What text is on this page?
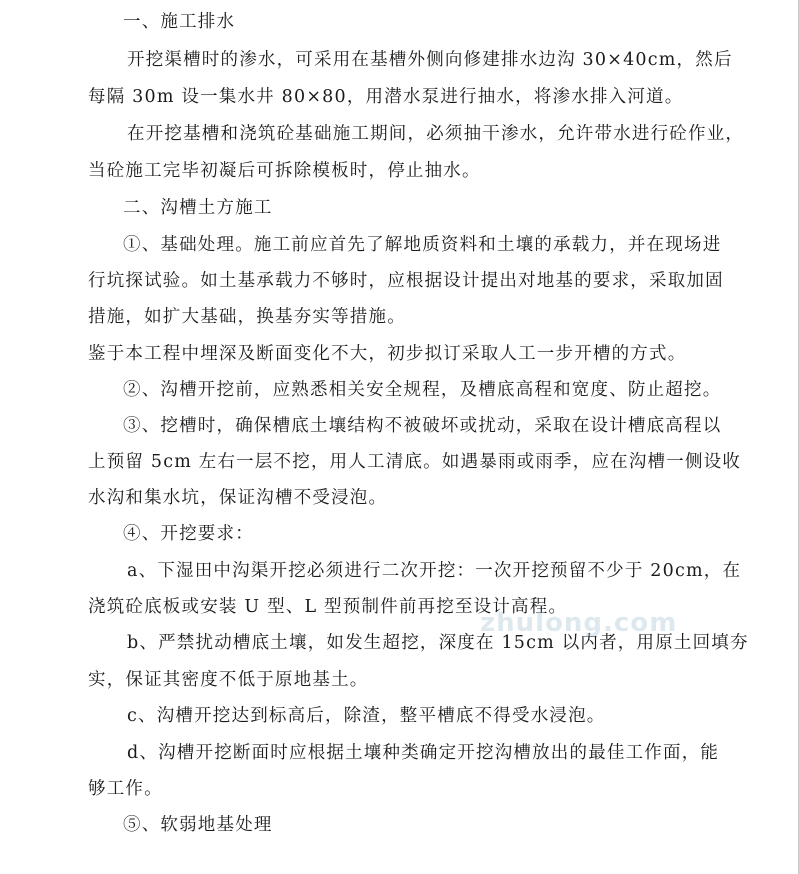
一、施工排水
开挖渠槽时的渗水，可采用在基槽外侧向修建排水边沟 30×40cm，然后
每隔 30m 设一集水井 80×80，用潜水泵进行抽水，将渗水排入河道。
在开挖基槽和浇筑砼基础施工期间，必须抽干渗水，允许带水进行砼作业，
当砼施工完毕初凝后可拆除模板时，停止抽水。
二、沟槽土方施工
①、基础处理。施工前应首先了解地质资料和土壤的承载力，并在现场进
行坑探试验。如土基承载力不够时，应根据设计提出对地基的要求，采取加固
措施，如扩大基础，换基夯实等措施。
鉴于本工程中埋深及断面变化不大，初步拟订采取人工一步开槽的方式。
②、沟槽开挖前，应熟悉相关安全规程，及槽底高程和宽度、防止超挖。
③、挖槽时，确保槽底土壤结构不被破坏或扰动，采取在设计槽底高程以
上预留 5cm 左右一层不挖，用人工清底。如遇暴雨或雨季，应在沟槽一侧设收
水沟和集水坑，保证沟槽不受浸泡。
④、开挖要求：
a、下湿田中沟渠开挖必须进行二次开挖：一次开挖预留不少于 20cm，在
浇筑砼底板或安装 U 型、L 型预制件前再挖至设计高程。
b、严禁扰动槽底土壤，如发生超挖，深度在 15cm 以内者，用原土回填夯
实，保证其密度不低于原地基土。
c、沟槽开挖达到标高后，除渣，整平槽底不得受水浸泡。
d、沟槽开挖断面时应根据土壤种类确定开挖沟槽放出的最佳工作面，能
够工作。
⑤、软弱地基处理
zhulong.com
